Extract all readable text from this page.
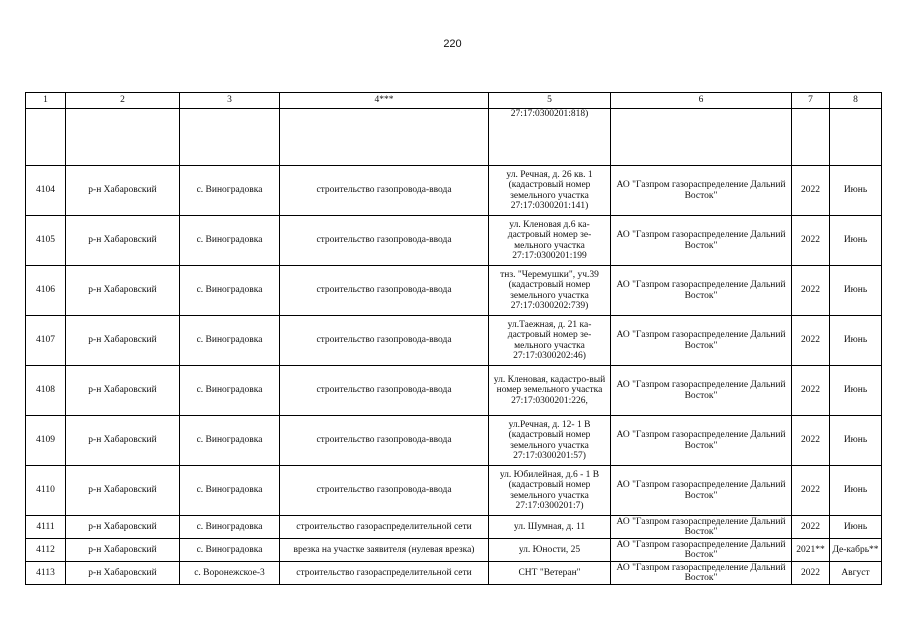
220
1	2	3	4***	5	6	7	8
				27:17:0300201:818)			
4104	р-н Хабаровский	с. Виноградовка	строительство газопровода-ввода	ул. Речная, д. 26 кв. 1 (кадастровый номер земельного участка 27:17:0300201:141)	АО "Газпром газораспределение Дальний Восток"	2022	Июнь
4105	р-н Хабаровский	с. Виноградовка	строительство газопровода-ввода	ул. Кленовая д.6 ка-дастровый номер зе-мельного участка 27:17:0300201:199	АО "Газпром газораспределение Дальний Восток"	2022	Июнь
4106	р-н Хабаровский	с. Виноградовка	строительство газопровода-ввода	тнз. "Черемушки", уч.39 (кадастровый номер земельного участка 27:17:0300202:739)	АО "Газпром газораспределение Дальний Восток"	2022	Июнь
4107	р-н Хабаровский	с. Виноградовка	строительство газопровода-ввода	ул.Таежная, д. 21 ка-дастровый номер зе-мельного участка 27:17:0300202:46)	АО "Газпром газораспределение Дальний Восток"	2022	Июнь
4108	р-н Хабаровский	с. Виноградовка	строительство газопровода-ввода	ул. Кленовая, кадастро-вый номер земельного участка 27:17:0300201:226,	АО "Газпром газораспределение Дальний Восток"	2022	Июнь
4109	р-н Хабаровский	с. Виноградовка	строительство газопровода-ввода	ул.Речная, д. 12- 1 В (кадастровый номер земельного участка 27:17:0300201:57)	АО "Газпром газораспределение Дальний Восток"	2022	Июнь
4110	р-н Хабаровский	с. Виноградовка	строительство газопровода-ввода	ул. Юбилейная, д.6 - 1 В (кадастровый номер земельного участка 27:17:0300201:7)	АО "Газпром газораспределение Дальний Восток"	2022	Июнь
4111	р-н Хабаровский	с. Виноградовка	строительство газораспределительной сети	ул. Шумная, д. 11	АО "Газпром газораспределение Дальний Восток"	2022	Июнь
4112	р-н Хабаровский	с. Виноградовка	врезка на участке заявителя (нулевая врезка)	ул. Юности, 25	АО "Газпром газораспределение Дальний Восток"	2021**	Де-кабрь**
4113	р-н Хабаровский	с. Воронежское-3	строительство газораспределительной сети	СНТ "Ветеран"	АО "Газпром газораспределение Дальний Восток"	2022	Август
